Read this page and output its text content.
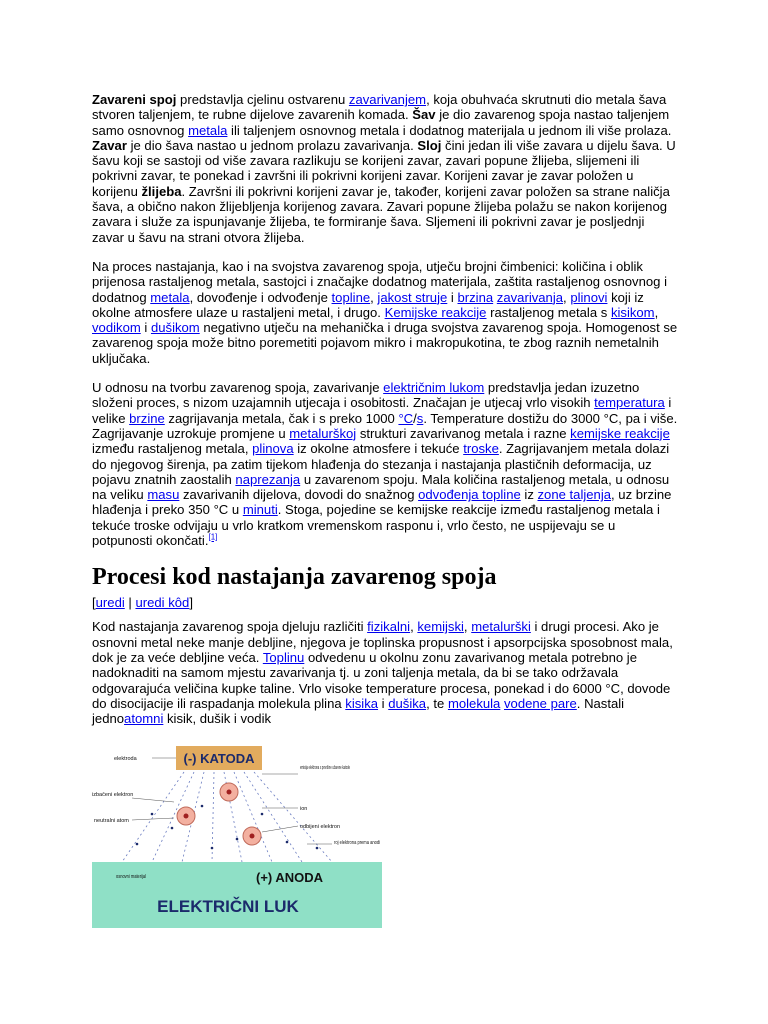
Zavareni spoj predstavlja cjelinu ostvarenu zavarivanjem, koja obuhvaća skrutnuti dio metala šava stvoren taljenjem, te rubne dijelove zavarenih komada. Šav je dio zavarenog spoja nastao taljenjem samo osnovnog metala ili taljenjem osnovnog metala i dodatnog materijala u jednom ili više prolaza. Zavar je dio šava nastao u jednom prolazu zavarivanja. Sloj čini jedan ili više zavara u dijelu šava. U šavu koji se sastoji od više zavara razlikuju se korijeni zavar, zavari popune žlijeba, slijemeni ili pokrivni zavar, te ponekad i završni ili pokrivni korijeni zavar. Korijeni zavar je zavar položen u korijenu žlijeba. Završni ili pokrivni korijeni zavar je, također, korijeni zavar položen sa strane naličja šava, a obično nakon žlijebljenja korijenog zavara. Zavari popune žlijeba polažu se nakon korijenog zavara i služe za ispunjavanje žlijeba, te formiranje šava. Sljemeni ili pokrivni zavar je posljednji zavar u šavu na strani otvora žlijeba.

Na proces nastajanja, kao i na svojstva zavarenog spoja, utječu brojni čimbenici: količina i oblik prijenosa rastaljenog metala, sastojci i značajke dodatnog materijala, zaštita rastaljenog osnovnog i dodatnog metala, dovođenje i odvođenje topline, jakost struje i brzina zavarivanja, plinovi koji iz okolne atmosfere ulaze u rastaljeni metal, i drugo. Kemijske reakcije rastaljenog metala s kisikom, vodikom i dušikom negativno utječu na mehanička i druga svojstva zavarenog spoja. Homogenost se zavarenog spoja može bitno poremetiti pojavom mikro i makropukotina, te zbog raznih nemetalnih uključaka.

U odnosu na tvorbu zavarenog spoja, zavarivanje električnim lukom predstavlja jedan izuzetno složeni proces, s nizom uzajamnih utjecaja i osobitosti. Značajan je utjecaj vrlo visokih temperatura i velike brzine zagrijavanja metala, čak i s preko 1000 °C/s. Temperature dostižu do 3000 °C, pa i više. Zagrijavanje uzrokuje promjene u metalurškoj strukturi zavarivanog metala i razne kemijske reakcije između rastaljenog metala, plinova iz okolne atmosfere i tekuće troske. Zagrijavanjem metala dolazi do njegovog širenja, pa zatim tijekom hlađenja do stezanja i nastajanja plastičnih deformacija, uz pojavu znatnih zaostalih naprezanja u zavarenom spoju. Mala količina rastaljenog metala, u odnosu na veliku masu zavarivanih dijelova, dovodi do snažnog odvođenja topline iz zone taljenja, uz brzine hlađenja i preko 350 °C u minuti. Stoga, pojedine se kemijske reakcije između rastaljenog metala i tekuće troske odvijaju u vrlo kratkom vremenskom rasponu i, vrlo često, ne uspijevaju se u potpunosti okončati.[1]

Procesi kod nastajanja zavarenog spoja
[uredi | uredi kôd]

Kod nastajanja zavarenog spoja djeluju različiti fizikalni, kemijski, metalurški i drugi procesi. Ako je osnovni metal neke manje debljine, njegova je toplinska propusnost i apsorpcijska sposobnost mala, dok je za veće debljine veća. Toplinu odvedenu u okolnu zonu zavarivanog metala potrebno je nadoknaditi na samom mjestu zavarivanja tj. u zoni taljenja metala, da bi se tako održavala odgovarajuća veličina kupke taline. Vrlo visoke temperature procesa, ponekad i do 6000 °C, dovode do disocijacije ili raspadanja molekula plina kisika i dušika, te molekula vodene pare. Nastali jednoatomni kisik, dušik i vodik

(-) KATODA
elektroda
emisija elektrona s površine užarene katode
izbačeni elektron
neutralni atom
ion
odbijeni elektron
roj elektrona prema anodi
osnovni materijal	(+) ANODA
ELEKTRIČNI LUK
